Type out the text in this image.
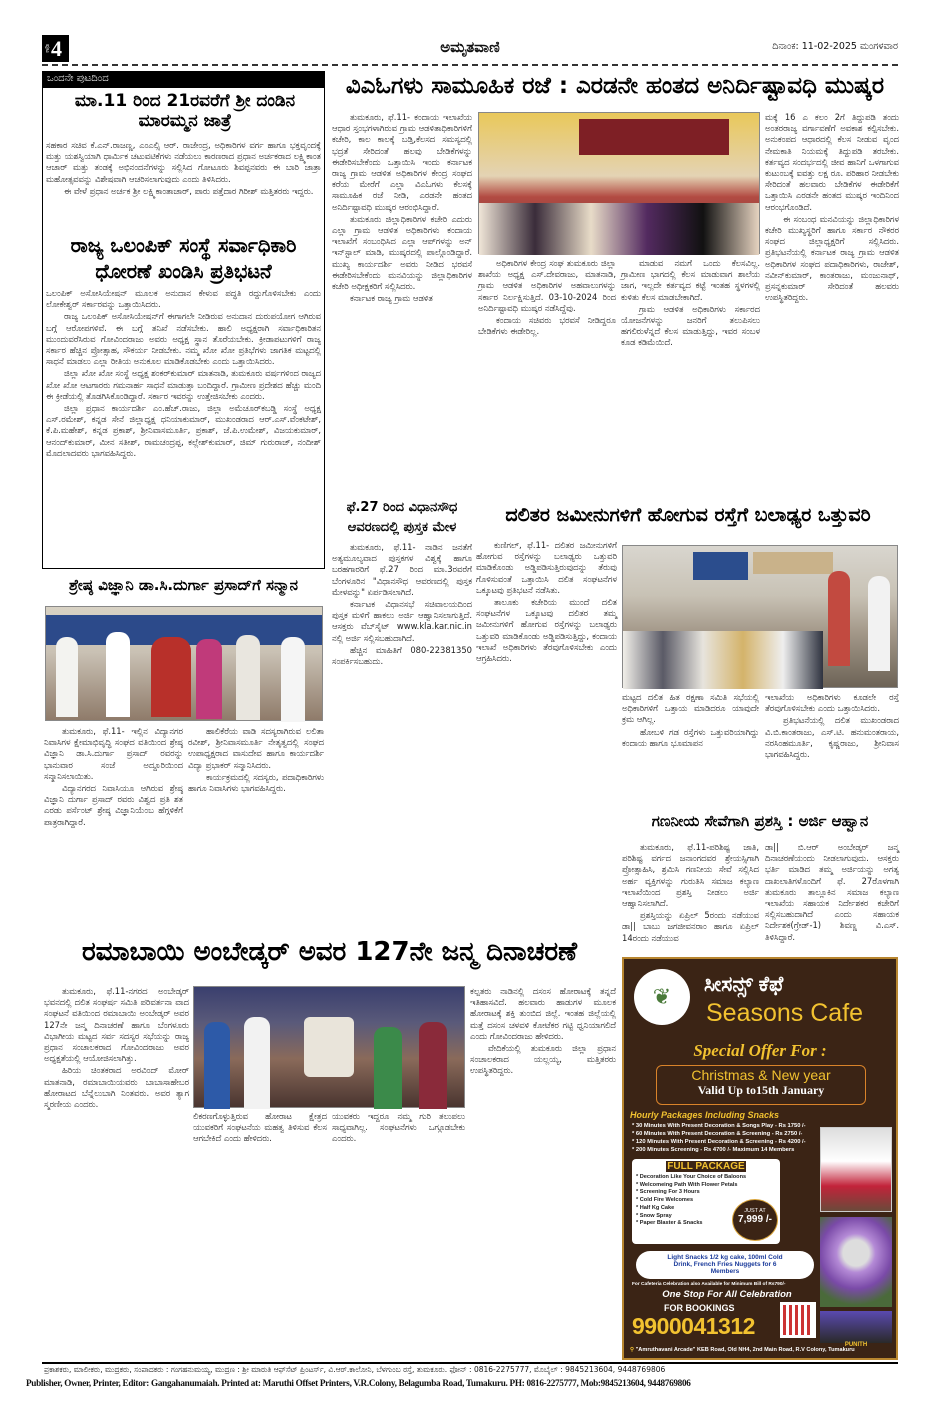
ಪುಟ 4	ಅಮೃತವಾಣಿ	ದಿನಾಂಕ: 11-02-2025 ಮಂಗಳವಾರ
ಒಂದನೇ ಪುಟದಿಂದ
ಮಾ.11 ರಿಂದ 21ರವರೆಗೆ ಶ್ರೀ ದಂಡಿನ ಮಾರಮ್ಮನ ಜಾತ್ರೆ

ಸಹಕಾರ ಸಚಿವ ಕೆ.ಎನ್.ರಾಜಣ್ಣ, ಎಂಎಲ್ಸಿ ಆರ್. ರಾಜೇಂದ್ರ, ಅಧಿಕಾರಿಗಳ ವರ್ಗ ಹಾಗೂ ಭಕ್ತವೃಂದಕ್ಕೆ ಮತ್ತು ಯಶಸ್ವಿಯಾಗಿ ಧಾರ್ಮಿಕ ಚಟುವಟಿಕೆಗಳು ನಡೆಯಲು ಕಾರಣರಾದ ಪ್ರಧಾನ ಅರ್ಚಕರಾದ ಲಕ್ಷ್ಮಿಕಾಂತ ಆಚಾರ್ ಮತ್ತು ತಂಡಕ್ಕೆ ಅಭಿನಂದನೆಗಳನ್ನು ಸಲ್ಲಿಸಿದ ಗೋಟೂರು ಶಿವಪ್ಪನವರು ಈ ಬಾರಿ ಜಾತ್ರಾ ಮಹೋತ್ಸವವನ್ನು ವಿಶೇಷವಾಗಿ ಆಚರಿಸಲಾಗುವುದು ಎಂದು ತಿಳಿಸಿದರು.

ಈ ವೇಳೆ ಪ್ರಧಾನ ಅರ್ಚಕ ಶ್ರೀ ಲಕ್ಷ್ಮಿಕಾಂತಾಚಾರ್, ಪಾರು ಪತ್ತೆದಾರ ಗಿರೀಶ್ ಮತ್ತಿತರರು ಇದ್ದರು.

ರಾಜ್ಯ ಒಲಂಪಿಕ್ ಸಂಸ್ಥೆ ಸರ್ವಾಧಿಕಾರಿ ಧೋರಣೆ ಖಂಡಿಸಿ ಪ್ರತಿಭಟನೆ

ಒಲಂಪಿಕ್ ಅಸೋಸಿಯೇಷನ್ ಮೂಲಕ ಅನುದಾನ ಕೇಳುವ ಪದ್ಧತಿ ರದ್ದುಗೊಳಿಸಬೇಕು ಎಂದು ಲೋಕೇಶ್ವರ್ ಸರ್ಕಾರವನ್ನು ಒತ್ತಾಯಿಸಿದರು.

ರಾಜ್ಯ ಒಲಂಪಿಕ್ ಅಸೋಸಿಯೇಷನ್‌ಗೆ ಈಗಾಗಲೇ ನೀಡಿರುವ ಅನುದಾನ ದುರುಪಯೋಗ ಆಗಿರುವ ಬಗ್ಗೆ ಆರೋಪಗಳಿವೆ. ಈ ಬಗ್ಗೆ ತನಿಖೆ ನಡೆಸಬೇಕು. ಹಾಲಿ ಅಧ್ಯಕ್ಷರಾಗಿ ಸರ್ವಾಧಿಕಾರಿತನ ಮುಂದುವರೆಸಿರುವ ಗೋವಿಂದರಾಜು ಅವರು ಅಧ್ಯಕ್ಷ ಸ್ಥಾನ ತೊರೆಯಬೇಕು. ಕ್ರೀಡಾಪಟುಗಳಿಗೆ ರಾಜ್ಯ ಸರ್ಕಾರ ಹೆಚ್ಚಿನ ಪ್ರೋತ್ಸಾಹ, ಸೌಕರ್ಯ ನೀಡಬೇಕು. ನಮ್ಮ ಖೋ ಖೋ ಪ್ರತಿಭೆಗಳು ಜಾಗತಿಕ ಮಟ್ಟದಲ್ಲಿ ಸಾಧನೆ ಮಾಡಲು ಎಲ್ಲಾ ರೀತಿಯ ಅನುಕೂಲ ಮಾಡಿಕೊಡಬೇಕು ಎಂದು ಒತ್ತಾಯಿಸಿದರು.

ಜಿಲ್ಲಾ ಖೋ ಖೋ ಸಂಸ್ಥೆ ಅಧ್ಯಕ್ಷ ಶಂಕರ್‌ಕುಮಾರ್ ಮಾತನಾಡಿ, ತುಮಕೂರು ವರ್ಷಗಳಿಂದ ರಾಜ್ಯದ ಖೋ ಖೋ ಆಟಗಾರರು ಗಮನಾರ್ಹ ಸಾಧನೆ ಮಾಡುತ್ತಾ ಬಂದಿದ್ದಾರೆ. ಗ್ರಾಮೀಣ ಪ್ರದೇಶದ ಹೆಚ್ಚು ಮಂದಿ ಈ ಕ್ರೀಡೆಯಲ್ಲಿ ತೊಡಗಿಸಿಕೊಂಡಿದ್ದಾರೆ. ಸರ್ಕಾರ ಇವರನ್ನು ಉತ್ತೇಜಿಸಬೇಕು ಎಂದರು.

ಜಿಲ್ಲಾ ಪ್ರಧಾನ ಕಾರ್ಯದರ್ಶಿ ಎಂ.ಹೆಚ್.ರಾಜು, ಜಿಲ್ಲಾ ಅಮೆಚೂರ್‌ಕಬಡ್ಡಿ ಸಂಸ್ಥೆ ಅಧ್ಯಕ್ಷ ಎಸ್.ರಮೇಶ್, ಕನ್ನಡ ಸೇನೆ ಜಿಲ್ಲಾಧ್ಯಕ್ಷ ಧನಿಯಾಕುಮಾರ್, ಮುಖಂಡರಾದ ಆರ್.ಎಸ್.ವೆಂಕಟೇಶ್, ಕೆ.ಪಿ.ಮಹೇಶ್, ಕನ್ನಡ ಪ್ರಕಾಶ್, ಶ್ರೀನಿವಾಸಮೂರ್ತಿ, ಪ್ರಕಾಶ್, ಜೆ.ಪಿ.ಉಮೇಶ್, ವಿಜಯಕುಮಾರ್, ಆನಂದ್‌ಕುಮಾರ್, ಮೀನ ಸತೀಶ್, ರಾಮಚಂದ್ರಪ್ಪ, ಕಲ್ಲೇಶ್‌ಕುಮಾರ್, ಜಿಮ್ ಗುರುರಾಜ್, ನಂದೀಶ್ ಮೊದಲಾದವರು ಭಾಗವಹಿಸಿದ್ದರು.

ಶ್ರೇಷ್ಠ ವಿಜ್ಞಾನಿ ಡಾ.ಸಿ.ದುರ್ಗಾ ಪ್ರಸಾದ್‌ಗೆ ಸನ್ಮಾನ

ತುಮಕೂರು, ಫೆ.11- ಇಲ್ಲಿನ ವಿದ್ಯಾನಗರ ನಿವಾಸಿಗಳ ಕ್ಷೇಮಾಭಿವೃದ್ಧಿ ಸಂಘದ ವತಿಯಿಂದ ಶ್ರೇಷ್ಠ ವಿಜ್ಞಾನಿ ಡಾ.ಸಿ.ದುರ್ಗಾ ಪ್ರಸಾದ್ ರವರನ್ನು ಭಾನುವಾರ ಸಂಜೆ ಅದ್ದೂರಿಯಿಂದ ಸನ್ಮಾನಿಸಲಾಯಿತು.

ವಿದ್ಯಾನಗರದ ನಿವಾಸಿಯೂ ಆಗಿರುವ ಶ್ರೇಷ್ಠ ವಿಜ್ಞಾನಿ ದುರ್ಗಾ ಪ್ರಸಾದ್ ರವರು ವಿಶ್ವದ ಪ್ರತಿ ಶತ ಎರಡು ಪರ್ಸೆಂಟ್ ಶ್ರೇಷ್ಠ ವಿಜ್ಞಾನಿಯೆಂಬ ಹೆಗ್ಗಳಿಕೆಗೆ ಪಾತ್ರರಾಗಿದ್ದಾರೆ.

ಹಾಲಿಕೆರೆಯ ವಾಡಿ ಸದಸ್ಯರಾಗಿರುವ ಲಲಿತಾ ರವೀಶ್, ಶ್ರೀನಿವಾಸಮೂರ್ತಿ ನೇತೃತ್ವದಲ್ಲಿ ಸಂಘದ ಉಪಾಧ್ಯಕ್ಷರಾದ ವಾಸುದೇವ ಹಾಗೂ ಕಾರ್ಯದರ್ಶಿ ವಿದ್ಯಾ ಪ್ರಭಾಕರ್ ಸನ್ಮಾನಿಸಿದರು.

ಕಾರ್ಯಕ್ರಮದಲ್ಲಿ ಸದಸ್ಯರು, ಪದಾಧಿಕಾರಿಗಳು ಹಾಗೂ ನಿವಾಸಿಗಳು ಭಾಗವಹಿಸಿದ್ದರು.

ವಿಎಓಗಳು ಸಾಮೂಹಿಕ ರಜೆ : ಎರಡನೇ ಹಂತದ ಅನಿರ್ದಿಷ್ಟಾವಧಿ ಮುಷ್ಕರ

ತುಮಕೂರು, ಫೆ.11- ಕಂದಾಯ ಇಲಾಖೆಯ ಆಧಾರ ಸ್ತಂಭಗಳಾಗಿರುವ ಗ್ರಾಮ ಆಡಳಿತಾಧಿಕಾರಿಗಳಿಗೆ ಕಚೇರಿ, ಕಾಲ ಕಾಲಕ್ಕೆ ಬಡ್ತಿ,ಕೆಲಸದ ಸಮಸ್ಯದಲ್ಲಿ ಭದ್ರತೆ ಸೇರಿದಂತೆ ಹಲವು ಬೇಡಿಕೆಗಳನ್ನು ಈಡೇರಿಸಬೇಕೆಂದು ಒತ್ತಾಯಿಸಿ ಇಂದು ಕರ್ನಾಟಕ ರಾಜ್ಯ ಗ್ರಾಮ ಆಡಳಿತ ಅಧಿಕಾರಿಗಳ ಕೇಂದ್ರ ಸಂಘದ ಕರೆಯ ಮೇರೆಗೆ ಎಲ್ಲಾ ವಿಎಓಗಳು ಕೆಲಸಕ್ಕೆ ಸಾಮೂಹಿಕ ರಜೆ ನೀಡಿ, ಎರಡನೇ ಹಂತದ ಅನಿರ್ದಿಷ್ಟಾವಧಿ ಮುಷ್ಕರ ಆರಂಭಿಸಿದ್ದಾರೆ.

ತುಮಕೂರು ಜಿಲ್ಲಾಧಿಕಾರಿಗಳ ಕಚೇರಿ ಎದುರು ಎಲ್ಲಾ ಗ್ರಾಮ ಆಡಳಿತ ಅಧಿಕಾರಿಗಳು ಕಂದಾಯ ಇಲಾಖೆಗೆ ಸಂಬಂಧಿಸಿದ ಎಲ್ಲಾ ಆಪ್‌ಗಳನ್ನು ಅನ್ ಇನ್‌ಸ್ಟಾಲ್ ಮಾಡಿ, ಮುಷ್ಕರದಲ್ಲಿ ಪಾಲ್ಗೊಂಡಿದ್ದಾರೆ. ಮುಖ್ಯ ಕಾರ್ಯದರ್ಶಿ ಅವರು ನೀಡಿದ ಭರವಸೆ ಈಡೇರಿಸಬೇಕೆಂದು ಮನವಿಯನ್ನು ಜಿಲ್ಲಾಧಿಕಾರಿಗಳ ಕಚೇರಿ ಅಧೀಕ್ಷಕರಿಗೆ ಸಲ್ಲಿಸಿದರು.

ಕರ್ನಾಟಕ ರಾಜ್ಯ ಗ್ರಾಮ ಆಡಳಿತ

ಅಧಿಕಾರಿಗಳ ಕೇಂದ್ರ ಸಂಘ ತುಮಕೂರು ಜಿಲ್ಲಾ ಶಾಖೆಯ ಅಧ್ಯಕ್ಷ ಎಸ್.ದೇವರಾಜು, ಮಾತನಾಡಿ, ಗ್ರಾಮ ಆಡಳಿತ ಅಧಿಕಾರಿಗಳ ಅಹವಾಲುಗಳನ್ನು ಸರ್ಕಾರ ನಿರ್ಲಕ್ಷಿಸುತ್ತಿದೆ. 03-10-2024 ರಿಂದ ಅನಿರ್ದಿಷ್ಟಾವಧಿ ಮುಷ್ಕರ ನಡೆಸಿದ್ದೆವು.

ಕಂದಾಯ ಸಚಿವರು ಭರವಸೆ ನೀಡಿದ್ದರೂ ಬೇಡಿಕೆಗಳು ಈಡೇರಿಲ್ಲ.

ಮಾಡುವ ನಮಗೆ ಒಂದು ಕೆಲಸವಿಲ್ಲ. ಗ್ರಾಮೀಣ ಭಾಗದಲ್ಲಿ ಕೆಲಸ ಮಾಡುವಾಗ ಶಾಲೆಯ ಜಾಗ, ಇಲ್ಲದೇ ಕರ್ತವ್ಯದ ಕಟ್ಟೆ ಇಂತಹ ಸ್ಥಳಗಳಲ್ಲಿ ಕುಳಿತು ಕೆಲಸ ಮಾಡಬೇಕಾಗಿದೆ.

ಗ್ರಾಮ ಆಡಳಿತ ಅಧಿಕಾರಿಗಳು ಸರ್ಕಾರದ ಯೋಜನೆಗಳನ್ನು ಜನರಿಗೆ ತಲುಪಿಸಲು ಹಗಲಿರುಳೆನ್ನದೆ ಕೆಲಸ ಮಾಡುತ್ತಿದ್ದು, ಇವರ ಸಂಬಳ ಕೂಡ ಕಡಿಮೆಯಿದೆ.

ಮಕ್ಕೆ 16 ಎ ಕಲಂ 2ಗೆ ತಿದ್ದುಪಡಿ ತಂದು ಅಂತರರಾಜ್ಯ ವರ್ಗಾವಣೆಗೆ ಅವಕಾಶ ಕಲ್ಪಿಸಬೇಕು. ಅನುಕಂಪದ ಆಧಾರದಲ್ಲಿ ಕೆಲಸ ನೀಡುವ ವೃಂದ ನೇಮಕಾತಿ ನಿಯಮಕ್ಕೆ ತಿದ್ದುಪಡಿ ತರಬೇಕು. ಕರ್ತವ್ಯದ ಸಂದರ್ಭದಲ್ಲಿ ಜೀವ ಹಾನಿಗೆ ಒಳಗಾಗುವ ಕುಟುಂಬಕ್ಕೆ ಐವತ್ತು ಲಕ್ಷ ರೂ. ಪರಿಹಾರ ನೀಡಬೇಕು ಸೇರಿದಂತೆ ಹಲವಾರು ಬೇಡಿಕೆಗಳ ಈಡೇರಿಕೆಗೆ ಒತ್ತಾಯಿಸಿ ಎರಡನೇ ಹಂತದ ಮುಷ್ಕರ ಇಂದಿನಿಂದ ಆರಂಭಗೊಂಡಿದೆ.

ಈ ಸಂಬಂಧ ಮನವಿಯನ್ನು ಜಿಲ್ಲಾಧಿಕಾರಿಗಳ ಕಚೇರಿ ಮುಖ್ಯಸ್ಥರಿಗೆ ಹಾಗೂ ಸರ್ಕಾರ ನೌಕರರ ಸಂಘದ ಜಿಲ್ಲಾಧ್ಯಕ್ಷರಿಗೆ ಸಲ್ಲಿಸಿದರು. ಪ್ರತಿಭಟನೆಯಲ್ಲಿ ಕರ್ನಾಟಕ ರಾಜ್ಯ ಗ್ರಾಮ ಆಡಳಿತ ಅಧಿಕಾರಿಗಳ ಸಂಘದ ಪದಾಧಿಕಾರಿಗಳು, ರಾಜೇಶ್, ನವೀನ್‌ಕುಮಾರ್, ಕಾಂತರಾಜು, ಮಂಜುನಾಥ್, ಪ್ರಸನ್ನಕುಮಾರ್ ಸೇರಿದಂತೆ ಹಲವರು ಉಪಸ್ಥಿತರಿದ್ದರು.

ಫೆ.27 ರಿಂದ ವಿಧಾನಸೌಧ ಆವರಣದಲ್ಲಿ ಪುಸ್ತಕ ಮೇಳ

ತುಮಕೂರು, ಫೆ.11- ನಾಡಿನ ಜನತೆಗೆ ಅತ್ಯಮೂಲ್ಯವಾದ ಪುಸ್ತಕಗಳ ವಿಶ್ವಕ್ಕೆ ಹಾಗೂ ಬರಹಗಾರರಿಗೆ ಫೆ.27 ರಿಂದ ಮಾ.3ರವರೆಗೆ ಬೆಂಗಳೂರಿನ "ವಿಧಾನಸೌಧ ಆವರಣದಲ್ಲಿ ಪುಸ್ತಕ ಮೇಳವನ್ನು" ಏರ್ಪಡಿಸಲಾಗಿದೆ.

ಕರ್ನಾಟಕ ವಿಧಾನಸಭೆ ಸಚಿವಾಲಯದಿಂದ ಪುಸ್ತಕ ಮಳಿಗೆ ಹಾಕಲು ಅರ್ಜಿ ಆಹ್ವಾನಿಸಲಾಗುತ್ತಿದೆ. ಆಸಕ್ತರು ವೆಬ್‌ಸೈಟ್ www.kla.kar.nic.in ನಲ್ಲಿ ಅರ್ಜಿ ಸಲ್ಲಿಸಬಹುದಾಗಿದೆ.

ಹೆಚ್ಚಿನ ಮಾಹಿತಿಗೆ 080-22381350 ಸಂಪರ್ಕಿಸಬಹುದು.

ದಲಿತರ ಜಮೀನುಗಳಿಗೆ ಹೋಗುವ ರಸ್ತೆಗೆ ಬಲಾಢ್ಯರ ಒತ್ತುವರಿ

ಕುಣಿಗಲ್, ಫೆ.11- ದಲಿತರ ಜಮೀನುಗಳಿಗೆ ಹೋಗುವ ರಸ್ತೆಗಳನ್ನು ಬಲಾಢ್ಯರು ಒತ್ತುವರಿ ಮಾಡಿಕೊಂಡು ಅಡ್ಡಿಪಡಿಸುತ್ತಿರುವುದನ್ನು ತೆರುವು ಗೊಳಿಸುವಂತೆ ಒತ್ತಾಯಿಸಿ ದಲಿತ ಸಂಘಟನೆಗಳ ಒಕ್ಕೂಟವು ಪ್ರತಿಭಟನೆ ನಡೆಸಿತು.

ತಾಲೂಕು ಕಚೇರಿಯ ಮುಂದೆ ದಲಿತ ಸಂಘಟನೆಗಳ ಒಕ್ಕೂಟವು ದಲಿತರ ತಮ್ಮ ಜಮೀನುಗಳಿಗೆ ಹೋಗುವ ರಸ್ತೆಗಳನ್ನು ಬಲಾಢ್ಯರು ಒತ್ತುವರಿ ಮಾಡಿಕೊಂಡು ಅಡ್ಡಿಪಡಿಸುತ್ತಿದ್ದು, ಕಂದಾಯ ಇಲಾಖೆ ಅಧಿಕಾರಿಗಳು ತೆರವುಗೊಳಿಸಬೇಕು ಎಂದು ಆಗ್ರಹಿಸಿದರು.

ಮಟ್ಟದ ದಲಿತ ಹಿತ ರಕ್ಷಣಾ ಸಮಿತಿ ಸಭೆಯಲ್ಲಿ ಅಧಿಕಾರಿಗಳಿಗೆ ಒತ್ತಾಯ ಮಾಡಿದರೂ ಯಾವುದೇ ಕ್ರಮ ಆಗಿಲ್ಲ.

ಹೋಬಳಿ ಗಡ ರಸ್ತೆಗಳು ಒತ್ತುವರಿಯಾಗಿದ್ದು ಕಂದಾಯ ಹಾಗೂ ಭೂಮಾಪನ

ಇಲಾಖೆಯ ಅಧಿಕಾರಿಗಳು ಕೂಡಲೇ ರಸ್ತೆ ತೆರವುಗೊಳಿಸಬೇಕು ಎಂದು ಒತ್ತಾಯಿಸಿದರು.

ಪ್ರತಿಭಟನೆಯಲ್ಲಿ ದಲಿತ ಮುಖಂಡರಾದ ವಿ.ಬಿ.ಕಾಂತರಾಜು, ಎಸ್.ಟಿ. ಹನುಮಂತರಾಯ, ನರಸಿಂಹಮೂರ್ತಿ, ಕೃಷ್ಣರಾಜು, ಶ್ರೀನಿವಾಸ ಭಾಗವಹಿಸಿದ್ದರು.

ಗಣನೀಯ ಸೇವೆಗಾಗಿ ಪ್ರಶಸ್ತಿ : ಅರ್ಜಿ ಆಹ್ವಾನ

ತುಮಕೂರು, ಫೆ.11-ಪರಿಶಿಷ್ಟ ಜಾತಿ, ಪರಿಶಿಷ್ಟ ವರ್ಗದ ಜನಾಂಗದವರ ಶ್ರೇಯಸ್ಸಿಗಾಗಿ ಪ್ರೋತ್ಸಾಹಿಸಿ, ಶ್ರಮಿಸಿ ಗಣನೀಯ ಸೇವೆ ಸಲ್ಲಿಸಿದ ಅರ್ಹ ವ್ಯಕ್ತಿಗಳನ್ನು ಗುರುತಿಸಿ ಸಮಾಜ ಕಲ್ಯಾಣ ಇಲಾಖೆಯಿಂದ ಪ್ರಶಸ್ತಿ ನೀಡಲು ಅರ್ಜಿ ಆಹ್ವಾನಿಸಲಾಗಿದೆ.

ಪ್ರಶಸ್ತಿಯನ್ನು ಏಪ್ರಿಲ್ 5ರಂದು ನಡೆಯುವ ಡಾ|| ಬಾಬು ಜಗಜೀವನರಾಂ ಹಾಗೂ ಏಪ್ರಿಲ್ 14ರಂದು ನಡೆಯುವ

ಡಾ|| ಬಿ.ಆರ್ ಅಂಬೇಡ್ಕರ್ ಜನ್ಮ ದಿನಾಚರಣೆಯಂದು ನೀಡಲಾಗುವುದು. ಆಸಕ್ತರು ಭರ್ತಿ ಮಾಡಿದ ತಮ್ಮ ಅರ್ಜಿಯನ್ನು ಅಗತ್ಯ ದಾಖಲಾತಿಗಳೊಂದಿಗೆ ಫೆ. 27ರೊಳಗಾಗಿ ತುಮಕೂರು ತಾಲ್ಲೂಕಿನ ಸಮಾಜ ಕಲ್ಯಾಣ ಇಲಾಖೆಯ ಸಹಾಯಕ ನಿರ್ದೇಶಕರ ಕಚೇರಿಗೆ ಸಲ್ಲಿಸಬಹುದಾಗಿದೆ ಎಂದು ಸಹಾಯಕ ನಿರ್ದೇಶಕ(ಗ್ರೇಡ್-1) ಶಿವಣ್ಣ ವಿ.ಎಸ್. ತಿಳಿಸಿದ್ದಾರೆ.

ರಮಾಬಾಯಿ ಅಂಬೇಡ್ಕರ್ ಅವರ 127ನೇ ಜನ್ಮ ದಿನಾಚರಣೆ

ತುಮಕೂರು, ಫೆ.11-ನಗರದ ಅಂಬೇಡ್ಕರ್ ಭವನದಲ್ಲಿ ದಲಿತ ಸಂಘರ್ಷ ಸಮಿತಿ ಪರಿವರ್ತನಾ ವಾದ ಸಂಘಟನೆ ವತಿಯಿಂದ ರಮಾಬಾಯಿ ಅಂಬೇಡ್ಕರ್ ಅವರ 127ನೇ ಜನ್ಮ ದಿನಾಚರಣೆ ಹಾಗೂ ಬೆಂಗಳೂರು ವಿಭಾಗೀಯ ಮಟ್ಟದ ಸರ್ವ ಸದಸ್ಯರ ಸಭೆಯನ್ನು ರಾಜ್ಯ ಪ್ರಧಾನ ಸಂಚಾಲಕರಾದ ಗೋವಿಂದರಾಜು ಅವರ ಅಧ್ಯಕ್ಷತೆಯಲ್ಲಿ ಆಯೋಜಿಸಲಾಗಿತ್ತು.

ಹಿರಿಯ ಚಿಂತಕರಾದ ಅರವಿಂದ್ ಮೋರ್ ಮಾತನಾಡಿ, ರಮಾಬಾಯಿಯವರು ಬಾಬಾಸಾಹೇಬರ ಹೋರಾಟದ ಬೆನ್ನೆಲುಬಾಗಿ ನಿಂತವರು. ಅವರ ತ್ಯಾಗ ಸ್ಮರಣೀಯ ಎಂದರು.

ಲಿಕರಣಗೊಳ್ಳುತ್ತಿರುವ ಹೋರಾಟ ಕ್ಷೇತ್ರದ ಯುವಕರಿಗೆ ಸಂಘಟನೆಯ ಮಹತ್ವ ತಿಳಿಸುವ ಕೆಲಸ ಆಗಬೇಕಿದೆ ಎಂದು ಹೇಳಿದರು.

ಯುವಕರು ಇದ್ದರೂ ನಮ್ಮ ಗುರಿ ತಲುಪಲು ಸಾಧ್ಯವಾಗಿಲ್ಲ. ಸಂಘಟನೆಗಳು ಒಗ್ಗೂಡಬೇಕು ಎಂದರು.

ಕಲ್ಪತರು ನಾಡಿನಲ್ಲಿ ದಸಂಸ ಹೋರಾಟಕ್ಕೆ ತನ್ನದೆ ಇತಿಹಾಸವಿದೆ. ಹಲವಾರು ಹಾಡುಗಳ ಮೂಲಕ ಹೋರಾಟಕ್ಕೆ ಶಕ್ತಿ ತುಂಬಿದ ಜಿಲ್ಲೆ. ಇಂತಹ ಜಿಲ್ಲೆಯಲ್ಲಿ ಮತ್ತೆ ದಸಂಸ ಚಳವಳಿ ಕೋಟೆಕರ ಗಟ್ಟಿ ಧ್ವನಿಯಾಗಲಿದೆ ಎಂದು ಗೋವಿಂದರಾಜು ಹೇಳಿದರು.

ವೇದಿಕೆಯಲ್ಲಿ ತುಮಕೂರು ಜಿಲ್ಲಾ ಪ್ರಧಾನ ಸಂಚಾಲಕರಾದ ಯಲ್ಲಯ್ಯ, ಮತ್ತಿತರರು ಉಪಸ್ಥಿತರಿದ್ದರು.

❦	ಸೀಸನ್ಸ್ ಕೆಫೆ
Seasons Cafe
Special Offer For :
Christmas & New year
Valid Up to15th January
Hourly Packages Including Snacks
* 30 Minutes With Present Decoration & Songs Play - Rs 1750 /-
* 60 Minutes With Present Decoration & Screening - Rs 2750 /-
* 120 Minutes With Present Decoration & Screening - Rs 4200 /-
* 200 Minutes Screening - Rs 4700 /- Maximum 14 Members
FULL PACKAGE
* Decoration Like Your Choice of Baloons
* Welcomeing Path With Flower Petals
* Screening For 3 Hours
* Cold Fire Welcomes
* Half Kg Cake
* Snow Spray
* Paper Blaster & Snacks
JUST AT
7,999 /-
Light Snacks 1/2 kg cake, 100ml Cold Drink, French Fries Nuggets for 6 Members
For Cafeteria Celebration also Available for Minimum Bill of Rs790/-
One Stop For All Celebration
FOR BOOKINGS
9900041312
$_{PUNITH}$
⚲ "Amruthavani Arcade" KEB Road, Old NH4, 2nd Main Road, R.V Colony, Tumakuru
ಪ್ರಕಾಶಕರು, ಮಾಲೀಕರು, ಮುದ್ರಕರು, ಸಂಪಾದಕರು : ಗಂಗಹನುಮಯ್ಯ, ಮುದ್ರಣ : ಶ್ರೀ ಮಾರುತಿ ಆಫ್‌ಸೆಟ್ ಪ್ರಿಂಟರ್ಸ್, ವಿ.ಆರ್.ಕಾಲೋನಿ, ಬೆಳಗುಂಬ ರಸ್ತೆ, ತುಮಕೂರು. ಫೋನ್ : 0816-2275777, ಮೊಬೈಲ್ : 9845213604, 9448769806
Publisher, Owner, Printer, Editor: Gangahanumaiah. Printed at: Maruthi Offset Printers, V.R.Colony, Belagumba Road, Tumakuru. PH: 0816-2275777, Mob:9845213604, 9448769806
